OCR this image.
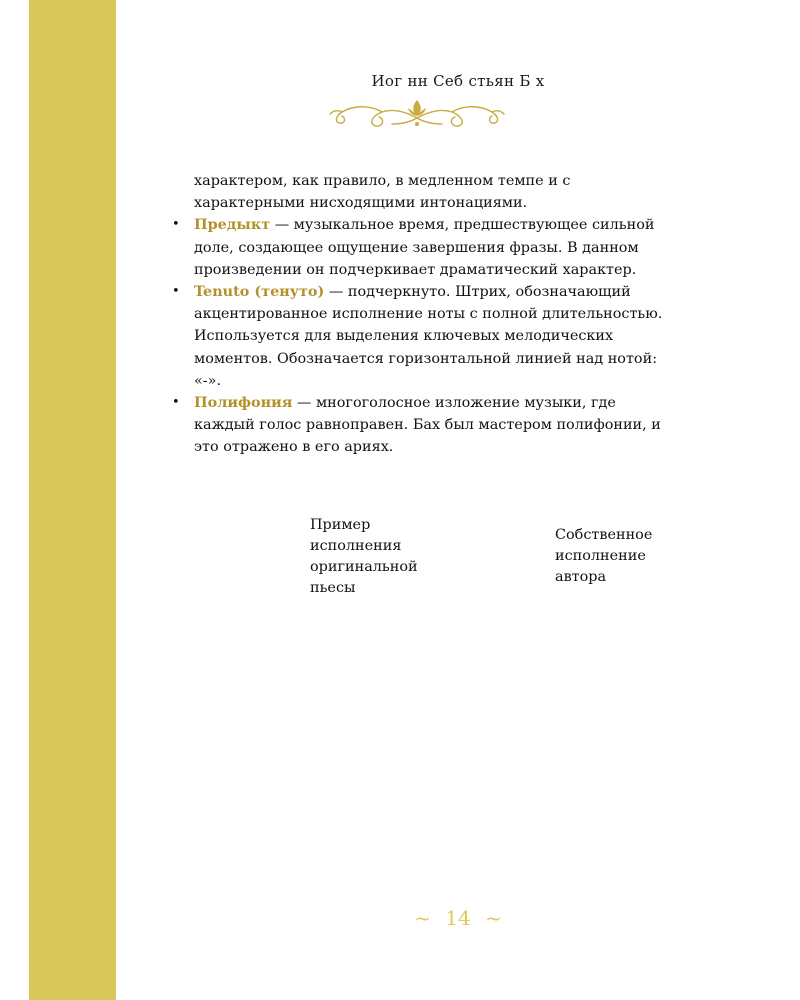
Иог нн Себ стьян Б х

характером, как правило, в медленном темпе и с характерными нисходящими интонациями.

• Предыкт — музыкальное время, предшествующее сильной доле, создающее ощущение завершения фразы. В данном произведении он подчеркивает драматический характер.
• Tenuto (тенуто) — подчеркнуто. Штрих, обозначающий акцентированное исполнение ноты с полной длительностью. Используется для выделения ключевых мелодических моментов. Обозначается горизонтальной линией над нотой: «-».
• Полифония — многоголосное изложение музыки, где каждый голос равноправен. Бах был мастером полифонии, и это отражено в его ариях.
Пример исполнения оригинальной пьесы
Собственное исполнение автора
~ 14 ~
